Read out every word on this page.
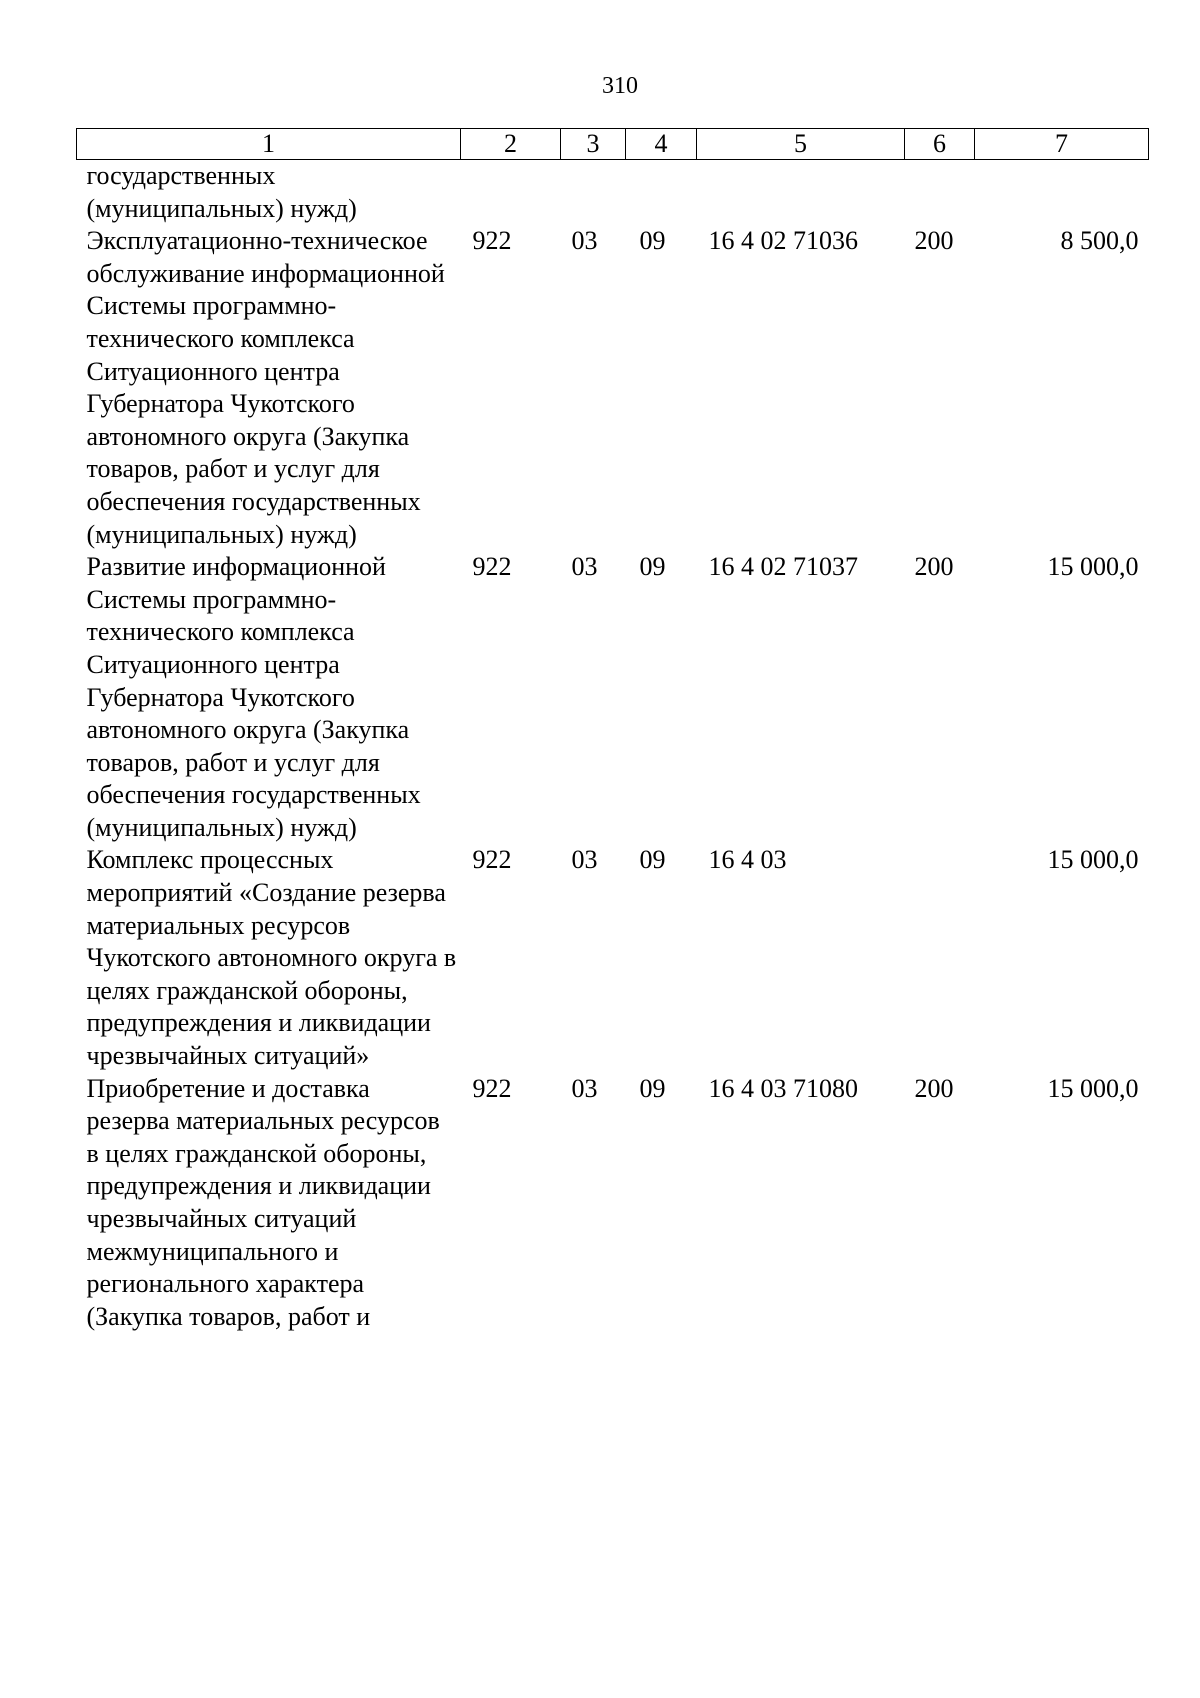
310
1	2	3	4	5	6	7
государственных (муниципальных) нужд)						
Эксплуатационно-техническое обслуживание информационной Системы программно-технического комплекса Ситуационного центра Губернатора Чукотского автономного округа (Закупка товаров, работ и услуг для обеспечения государственных (муниципальных) нужд)	922	03	09	16 4 02 71036	200	8 500,0
Развитие информационной Системы программно-технического комплекса Ситуационного центра Губернатора Чукотского автономного округа (Закупка товаров, работ и услуг для обеспечения государственных (муниципальных) нужд)	922	03	09	16 4 02 71037	200	15 000,0
Комплекс процессных мероприятий «Создание резерва материальных ресурсов Чукотского автономного округа в целях гражданской обороны, предупреждения и ликвидации чрезвычайных ситуаций»	922	03	09	16 4 03		15 000,0
Приобретение и доставка резерва материальных ресурсов в целях гражданской обороны, предупреждения и ликвидации чрезвычайных ситуаций межмуниципального и регионального характера (Закупка товаров, работ и	922	03	09	16 4 03 71080	200	15 000,0
